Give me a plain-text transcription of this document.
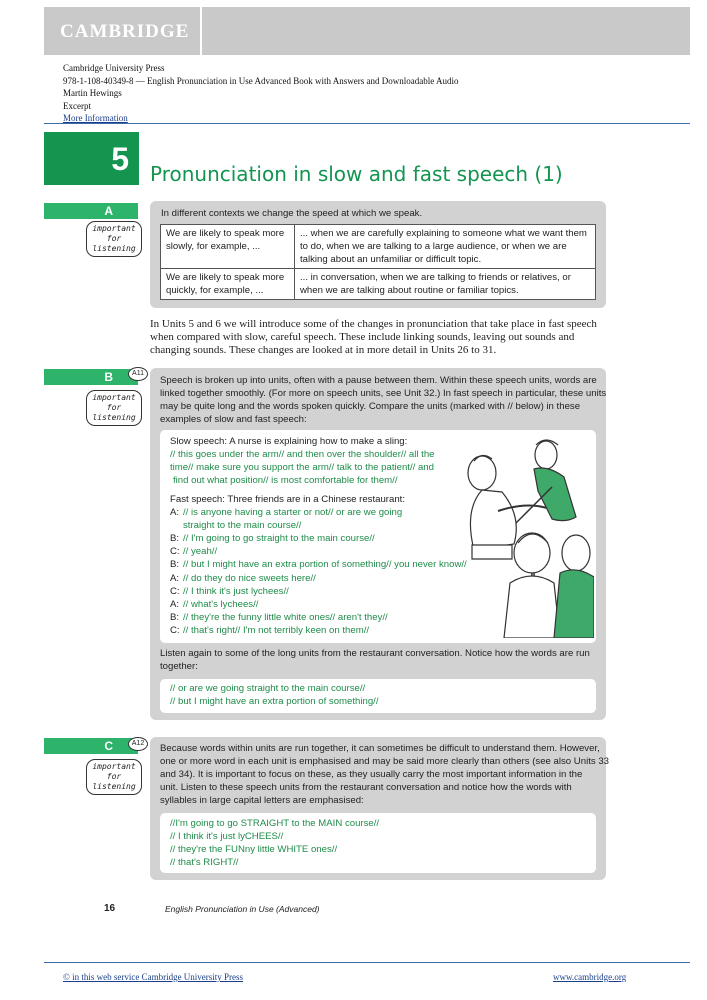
CAMBRIDGE
Cambridge University Press
978-1-108-40349-8 — English Pronunciation in Use Advanced Book with Answers and Downloadable Audio
Martin Hewings
Excerpt
More Information
5 Pronunciation in slow and fast speech (1)
A
important
for listening
In different contexts we change the speed at which we speak.
We are likely to speak more slowly, for example, ...	... when we are carefully explaining to someone what we want them to do, when we are talking to a large audience, or when we are talking about an unfamiliar or difficult topic.
We are likely to speak more quickly, for example, ...	... in conversation, when we are talking to friends or relatives, or when we are talking about routine or familiar topics.
In Units 5 and 6 we will introduce some of the changes in pronunciation that take place in fast speech when compared with slow, careful speech. These include linking sounds, leaving out sounds and changing sounds. These changes are looked at in more detail in Units 26 to 31.
B	A11
important
for listening
Speech is broken up into units, often with a pause between them. Within these speech units, words are
linked together smoothly. (For more on speech units, see Unit 32.) In fast speech in particular, these units
may be quite long and the words spoken quickly. Compare the units (marked with // below) in these
examples of slow and fast speech:
Slow speech: A nurse is explaining how to make a sling:
// this goes under the arm// and then over the shoulder// all the
time// make sure you support the arm// talk to the patient// and
find out what position// is most comfortable for them//
Fast speech: Three friends are in a Chinese restaurant:
A: // is anyone having a starter or not// or are we going
straight to the main course//
B: // I'm going to go straight to the main course//
C: // yeah//
B: // but I might have an extra portion of something// you never know//
A: // do they do nice sweets here//
C: // I think it's just lychees//
A: // what's lychees//
B: // they're the funny little white ones// aren't they//
C: // that's right// I'm not terribly keen on them//
Listen again to some of the long units from the restaurant conversation. Notice how the words are run
together:
// or are we going straight to the main course//
// but I might have an extra portion of something//
C	A12
important
for listening
Because words within units are run together, it can sometimes be difficult to understand them. However,
one or more word in each unit is emphasised and may be said more clearly than others (see also Units 33
and 34). It is important to focus on these, as they usually carry the most important information in the
unit. Listen to these speech units from the restaurant conversation and notice how the words with
syllables in large capital letters are emphasised:
//I'm going to go STRAIGHT to the MAIN course//
// I think it's just lyCHEES//
// they're the FUNny little WHITE ones//
// that's RIGHT//
16	English Pronunciation in Use (Advanced)
© in this web service Cambridge University Press	www.cambridge.org
